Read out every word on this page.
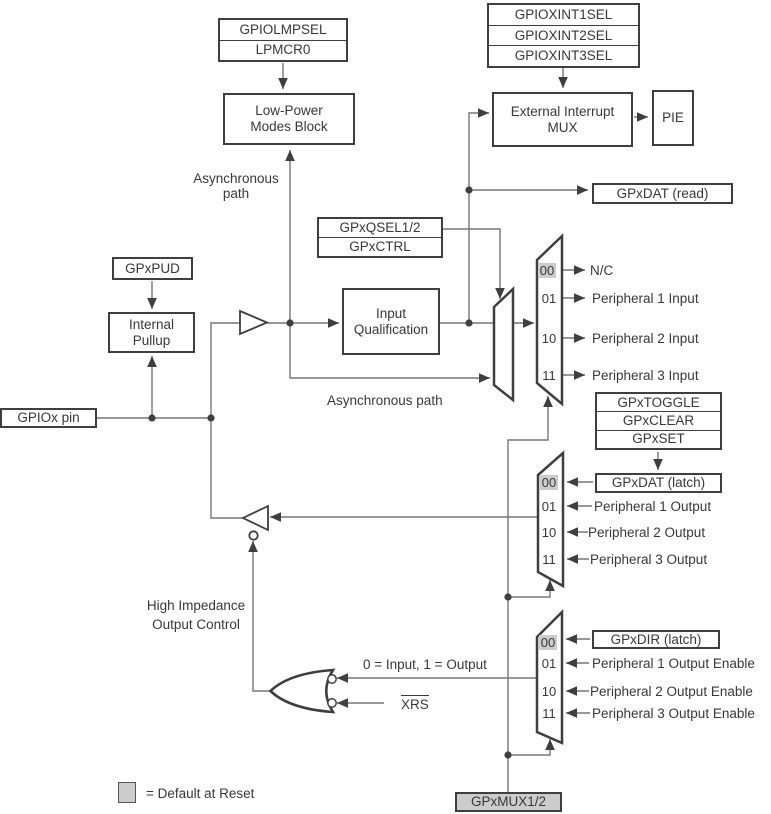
GPIOLMPSEL
LPMCR0
Low-Power
Modes Block
GPIOXINT1SEL
GPIOXINT2SEL
GPIOXINT3SEL
External Interrupt
MUX
PIE
GPxDAT (read)
GPxQSEL1/2
GPxCTRL
Input
Qualification
GPxPUD
Internal
Pullup
GPIOx pin
GPxTOGGLE
GPxCLEAR
GPxSET
GPxDAT (latch)
GPxDIR (latch)
GPxMUX1/2
Asynchronous
path
Asynchronous path
High Impedance
Output Control
0 = Input, 1 = Output
XRS
= Default at Reset
00
01
10
11
N/C
Peripheral 1 Input
Peripheral 2 Input
Peripheral 3 Input
00
01
10
11
Peripheral 1 Output
Peripheral 2 Output
Peripheral 3 Output
00
01
10
11
Peripheral 1 Output Enable
Peripheral 2 Output Enable
Peripheral 3 Output Enable
